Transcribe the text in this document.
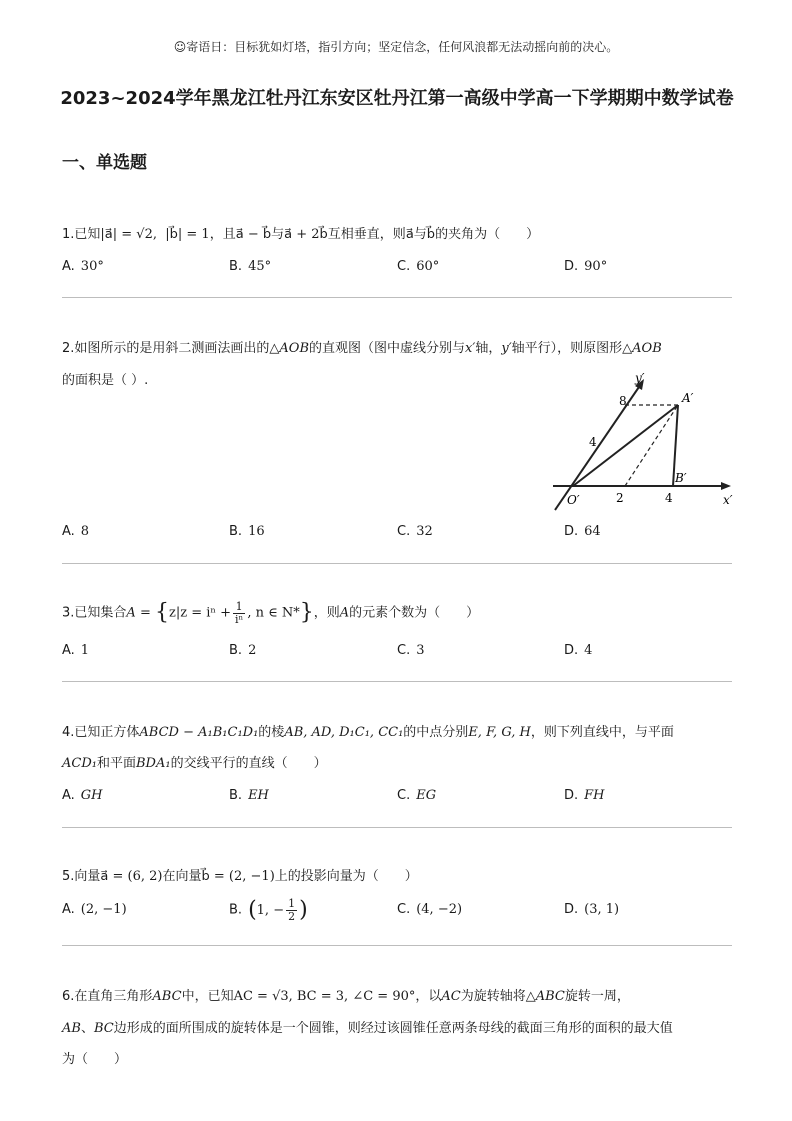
☺寄语日：目标犹如灯塔，指引方向；坚定信念，任何风浪都无法动摇向前的决心。
2023~2024学年黑龙江牡丹江东安区牡丹江第一高级中学高一下学期期中数学试卷
一、单选题
1.已知|a⃗| = √2, |b⃗| = 1，且a⃗ − b⃗与a⃗ + 2b⃗互相垂直，则a⃗与b⃗的夹角为（　　）
A. 30°	B. 45°	C. 60°	D. 90°
2.如图所示的是用斜二测画法画出的△AOB的直观图（图中虚线分别与x′轴，y′轴平行），则原图形△AOB
的面积是（ ）.	y′
x′
O′
A′
B′
8
4
2	4
A. 8	B. 16	C. 32	D. 64
3.已知集合$A = \{z|z = i^n + \frac{1}{\text{iⁿ}}$ , n ∈ N*}，则A的元素个数为（　　）
A. 1	B. 2	C. 3	D. 4
4.已知正方体ABCD − A₁B₁C₁D₁的棱AB, AD, D₁C₁, CC₁的中点分别E, F, G, H，则下列直线中，与平面
ACD₁和平面BDA₁的交线平行的直线（　　）
A. GH	B. EH	C. EG	D. FH
5.向量a⃗ = (6, 2)在向量b⃗ = (2, −1)上的投影向量为（　　）
A. (2, −1)	B. (1, − $\frac{1}{2}$ )	C. (4, −2)	D. (3, 1)
6.在直角三角形ABC中，已知AC = √3, BC = 3, ∠C = 90°，以AC为旋转轴将△ABC旋转一周，
AB、BC边形成的面所围成的旋转体是一个圆锥，则经过该圆锥任意两条母线的截面三角形的面积的最大值
为（　　）
